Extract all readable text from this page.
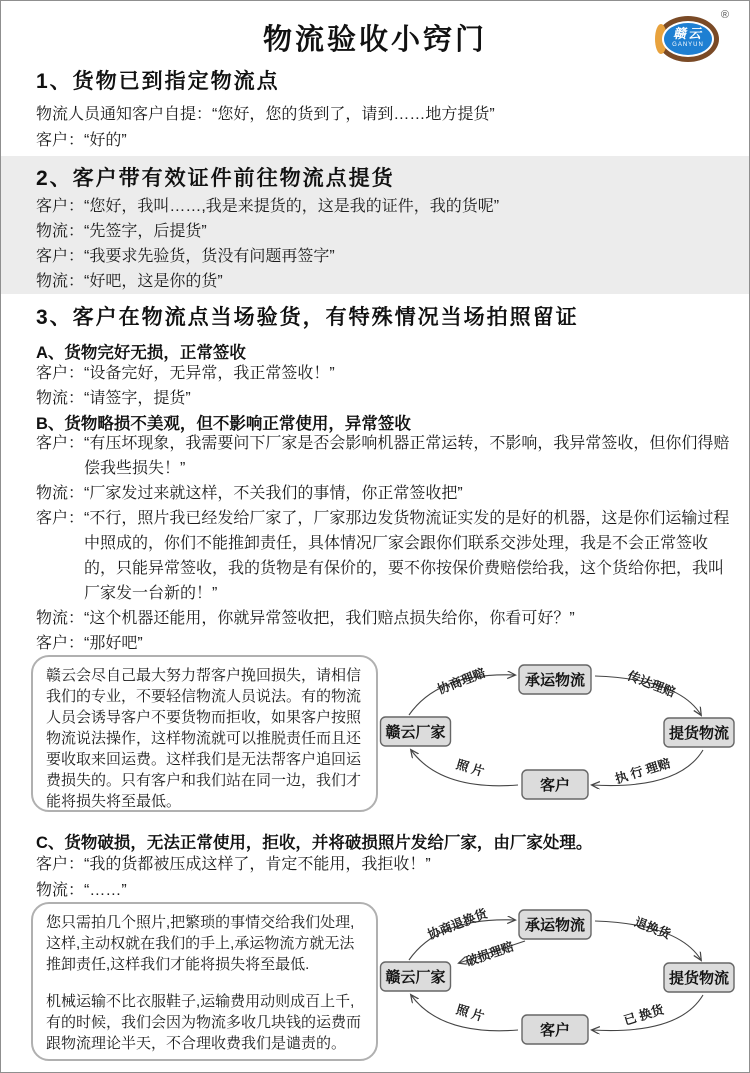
物流验收小窍门
®
赣云
GANYUN
1、货物已到指定物流点
物流人员通知客户自提： “您好，您的货到了，请到……地方提货”
客户： “好的”
2、客户带有效证件前往物流点提货
客户： “您好，我叫……,我是来提货的，这是我的证件，我的货呢”
物流： “先签字，后提货”
客户： “我要求先验货，货没有问题再签字”
物流： “好吧，这是你的货”
3、客户在物流点当场验货，有特殊情况当场拍照留证
A、货物完好无损，正常签收
客户： “设备完好，无异常，我正常签收！”
物流： “请签字，提货”
B、货物略损不美观，但不影响正常使用，异常签收
客户： “有压坏现象，我需要问下厂家是否会影响机器正常运转，不影响，我异常签收，但你们得赔偿我些损失！”
物流： “厂家发过来就这样，不关我们的事情，你正常签收把”
客户： “不行，照片我已经发给厂家了，厂家那边发货物流证实发的是好的机器，这是你们运输过程中照成的，你们不能推卸责任，具体情况厂家会跟你们联系交涉处理，我是不会正常签收的，只能异常签收，我的货物是有保价的，要不你按保价费赔偿给我，这个货给你把，我叫厂家发一台新的！”
物流： “这个机器还能用，你就异常签收把，我们赔点损失给你，你看可好？”
客户： “那好吧”

赣云会尽自己最大努力帮客户挽回损失，请相信我们的专业，不要轻信物流人员说法。有的物流人员会诱导客户不要货物而拒收，如果客户按照物流说法操作，这样物流就可以推脱责任而且还要收取来回运费。这样我们是无法帮客户追回运费损失的。只有客户和我们站在同一边，我们才能将损失将至最低。

承运物流
提货物流
赣云厂家
客户
协商理赔	传达理赔
执 行 理赔
照 片
C、货物破损，无法正常使用，拒收，并将破损照片发给厂家，由厂家处理。
客户： “我的货都被压成这样了，肯定不能用，我拒收！”
物流： “……”

您只需拍几个照片,把繁琐的事情交给我们处理,这样,主动权就在我们的手上,承运物流方就无法推卸责任,这样我们才能将损失将至最低.

机械运输不比衣服鞋子,运输费用动则成百上千,有的时候，我们会因为物流多收几块钱的运费而跟物流理论半天，不合理收费我们是谴责的。

承运物流
提货物流
赣云厂家
客户
协商退换货
破损理赔
退换货
已 换货
照 片
